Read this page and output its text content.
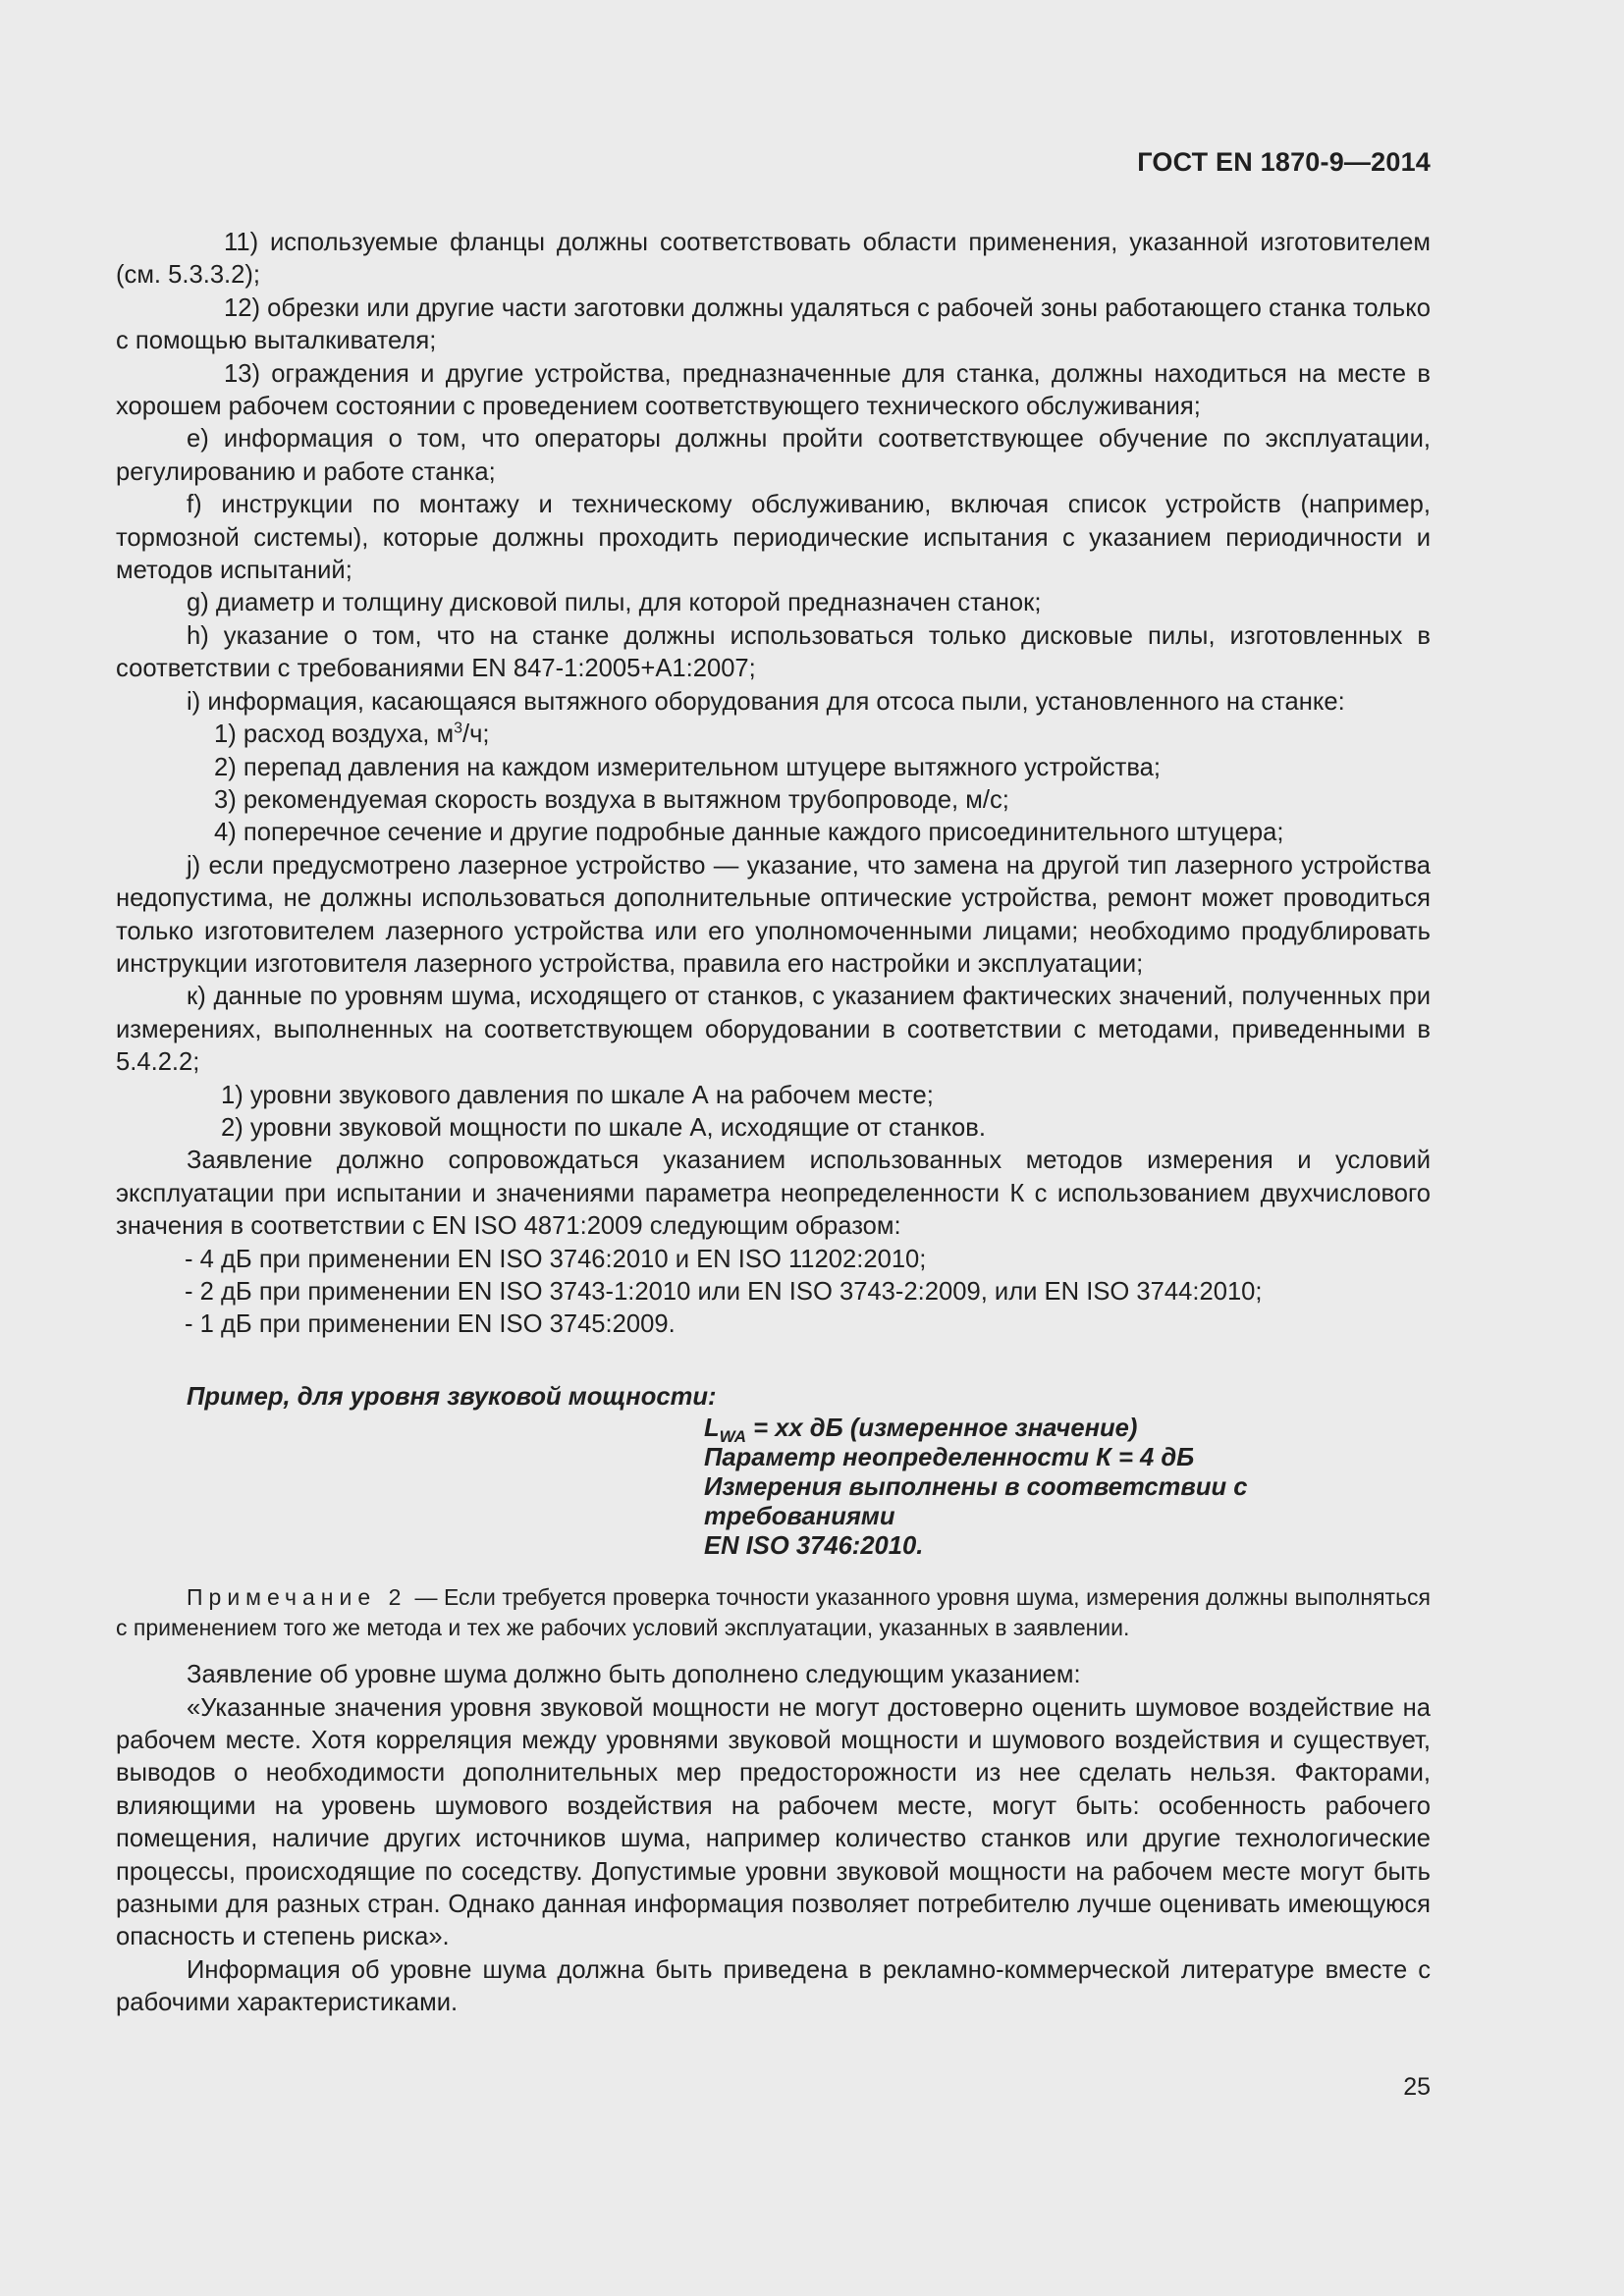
ГОСТ EN 1870-9—2014

11) используемые фланцы должны соответствовать области применения, указанной изготовителем (см. 5.3.3.2);

12) обрезки или другие части заготовки должны удаляться с рабочей зоны работающего станка только с помощью выталкивателя;

13) ограждения и другие устройства, предназначенные для станка, должны находиться на месте в хорошем рабочем состоянии с проведением соответствующего технического обслуживания;

e) информация о том, что операторы должны пройти соответствующее обучение по эксплуатации, регулированию и работе станка;

f) инструкции по монтажу и техническому обслуживанию, включая список устройств (например, тормозной системы), которые должны проходить периодические испытания с указанием периодичности и методов испытаний;

g) диаметр и толщину дисковой пилы, для которой предназначен станок;

h) указание о том, что на станке должны использоваться только дисковые пилы, изготовленных в соответствии с требованиями EN 847-1:2005+A1:2007;

i) информация, касающаяся вытяжного оборудования для отсоса пыли, установленного на станке:

1) расход воздуха, $м^3/ч$;

2) перепад давления на каждом измерительном штуцере вытяжного устройства;

3) рекомендуемая скорость воздуха в вытяжном трубопроводе, м/с;

4) поперечное сечение и другие подробные данные каждого присоединительного штуцера;

j) если предусмотрено лазерное устройство — указание, что замена на другой тип лазерного устройства недопустима, не должны использоваться дополнительные оптические устройства, ремонт может проводиться только изготовителем лазерного устройства или его уполномоченными лицами; необходимо продублировать инструкции изготовителя лазерного устройства, правила его настройки и эксплуатации;

к) данные по уровням шума, исходящего от станков, с указанием фактических значений, полученных при измерениях, выполненных на соответствующем оборудовании в соответствии с методами, приведенными в 5.4.2.2;

1) уровни звукового давления по шкале А на рабочем месте;

2) уровни звуковой мощности по шкале А, исходящие от станков.

Заявление должно сопровождаться указанием использованных методов измерения и условий эксплуатации при испытании и значениями параметра неопределенности К с использованием двухчислового значения в соответствии с EN ISO 4871:2009 следующим образом:

- 4 дБ при применении EN ISO 3746:2010 и EN ISO 11202:2010;

- 2 дБ при применении EN ISO 3743-1:2010 или EN ISO 3743-2:2009, или EN ISO 3744:2010;

- 1 дБ при применении EN ISO 3745:2009.

Пример, для уровня звуковой мощности:

$L_{WA}$ = хх дБ (измеренное значение)
Параметр неопределенности К = 4 дБ
Измерения выполнены в соответствии с требованиями
EN ISO 3746:2010.

Примечание 2 — Если требуется проверка точности указанного уровня шума, измерения должны выполняться с применением того же метода и тех же рабочих условий эксплуатации, указанных в заявлении.

Заявление об уровне шума должно быть дополнено следующим указанием:

«Указанные значения уровня звуковой мощности не могут достоверно оценить шумовое воздействие на рабочем месте. Хотя корреляция между уровнями звуковой мощности и шумового воздействия и существует, выводов о необходимости дополнительных мер предосторожности из нее сделать нельзя. Факторами, влияющими на уровень шумового воздействия на рабочем месте, могут быть: особенность рабочего помещения, наличие других источников шума, например количество станков или другие технологические процессы, происходящие по соседству. Допустимые уровни звуковой мощности на рабочем месте могут быть разными для разных стран. Однако данная информация позволяет потребителю лучше оценивать имеющуюся опасность и степень риска».

Информация об уровне шума должна быть приведена в рекламно-коммерческой литературе вместе с рабочими характеристиками.

25
